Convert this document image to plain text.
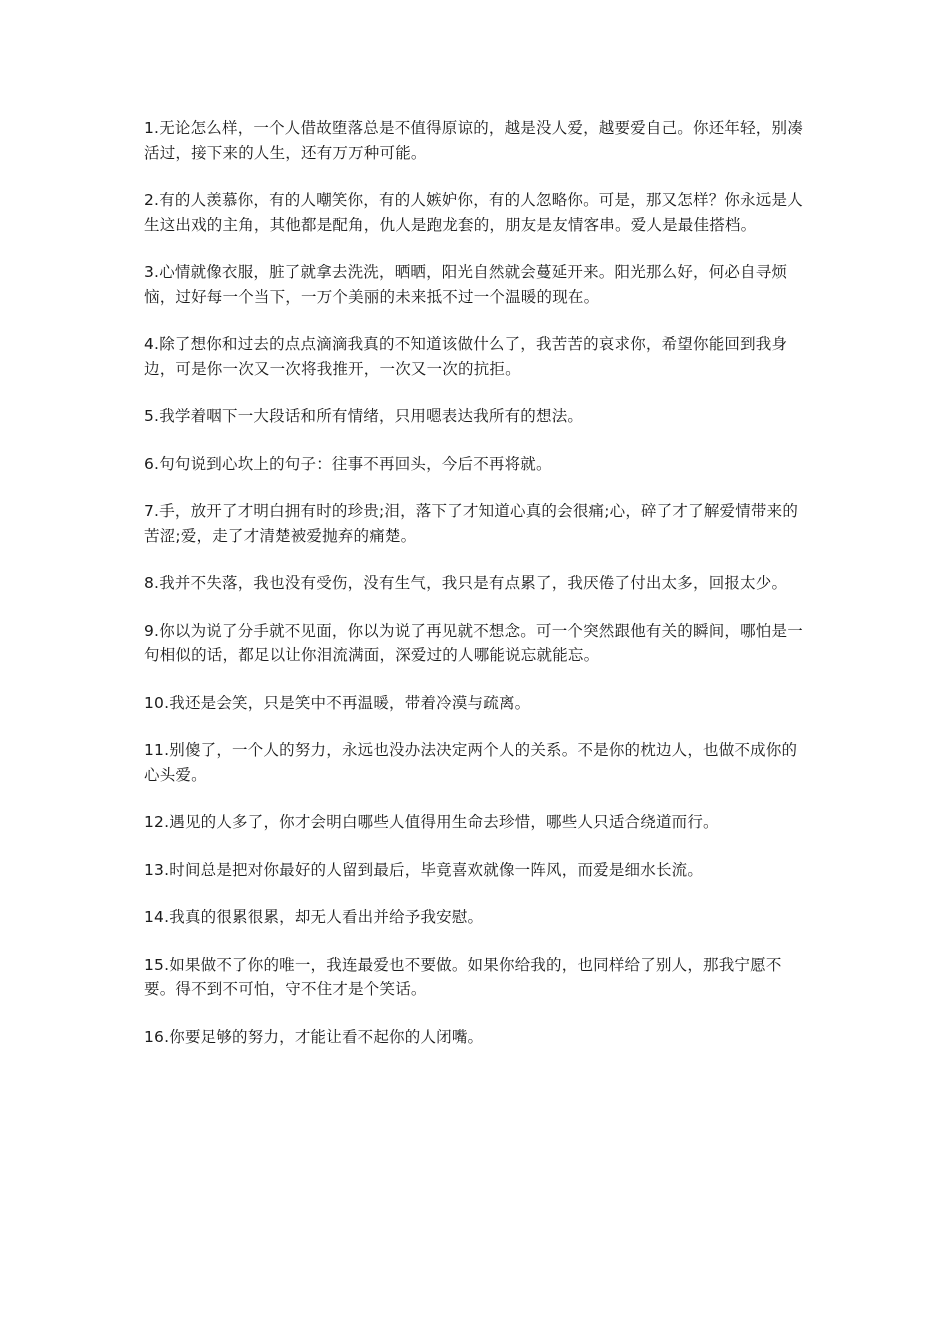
1.无论怎么样，一个人借故堕落总是不值得原谅的，越是没人爱，越要爱自己。你还年轻，别凑活过，接下来的人生，还有万万种可能。

2.有的人羡慕你，有的人嘲笑你，有的人嫉妒你，有的人忽略你。可是，那又怎样？你永远是人生这出戏的主角，其他都是配角，仇人是跑龙套的，朋友是友情客串。爱人是最佳搭档。

3.心情就像衣服，脏了就拿去洗洗，晒晒，阳光自然就会蔓延开来。阳光那么好，何必自寻烦恼，过好每一个当下，一万个美丽的未来抵不过一个温暖的现在。

4.除了想你和过去的点点滴滴我真的不知道该做什么了，我苦苦的哀求你，希望你能回到我身边，可是你一次又一次将我推开，一次又一次的抗拒。

5.我学着咽下一大段话和所有情绪，只用嗯表达我所有的想法。

6.句句说到心坎上的句子：往事不再回头，今后不再将就。

7.手，放开了才明白拥有时的珍贵;泪，落下了才知道心真的会很痛;心，碎了才了解爱情带来的苦涩;爱，走了才清楚被爱抛弃的痛楚。

8.我并不失落，我也没有受伤，没有生气，我只是有点累了，我厌倦了付出太多，回报太少。

9.你以为说了分手就不见面，你以为说了再见就不想念。可一个突然跟他有关的瞬间，哪怕是一句相似的话，都足以让你泪流满面，深爱过的人哪能说忘就能忘。

10.我还是会笑，只是笑中不再温暖，带着冷漠与疏离。

11.别傻了，一个人的努力，永远也没办法决定两个人的关系。不是你的枕边人，也做不成你的心头爱。

12.遇见的人多了，你才会明白哪些人值得用生命去珍惜，哪些人只适合绕道而行。

13.时间总是把对你最好的人留到最后，毕竟喜欢就像一阵风，而爱是细水长流。

14.我真的很累很累，却无人看出并给予我安慰。

15.如果做不了你的唯一，我连最爱也不要做。如果你给我的，也同样给了别人，那我宁愿不要。得不到不可怕，守不住才是个笑话。

16.你要足够的努力，才能让看不起你的人闭嘴。
